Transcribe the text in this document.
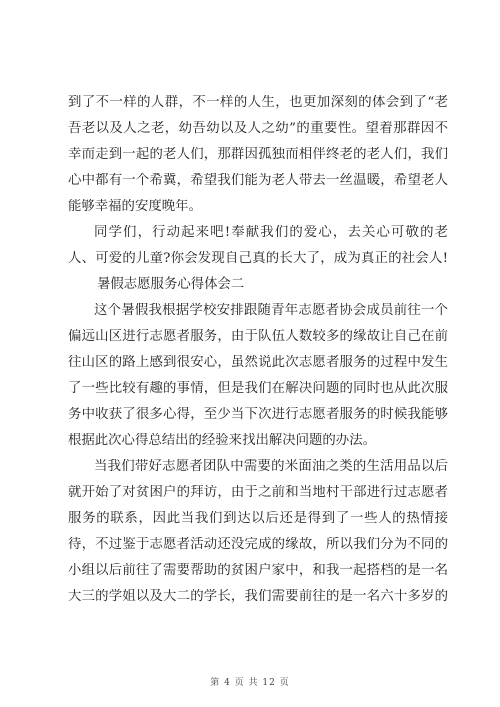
到了不一样的人群，不一样的人生，也更加深刻的体会到了“老
吾老以及人之老，幼吾幼以及人之幼”的重要性。望着那群因不
幸而走到一起的老人们，那群因孤独而相伴终老的老人们，我们
心中都有一个希冀，希望我们能为老人带去一丝温暖，希望老人
能够幸福的安度晚年。
同学们，行动起来吧!奉献我们的爱心，去关心可敬的老
人、可爱的儿童?你会发现自己真的长大了，成为真正的社会人!
暑假志愿服务心得体会二
这个暑假我根据学校安排跟随青年志愿者协会成员前往一个
偏远山区进行志愿者服务，由于队伍人数较多的缘故让自己在前
往山区的路上感到很安心，虽然说此次志愿者服务的过程中发生
了一些比较有趣的事情，但是我们在解决问题的同时也从此次服
务中收获了很多心得，至少当下次进行志愿者服务的时候我能够
根据此次心得总结出的经验来找出解决问题的办法。
当我们带好志愿者团队中需要的米面油之类的生活用品以后
就开始了对贫困户的拜访，由于之前和当地村干部进行过志愿者
服务的联系，因此当我们到达以后还是得到了一些人的热情接
待，不过鉴于志愿者活动还没完成的缘故，所以我们分为不同的
小组以后前往了需要帮助的贫困户家中，和我一起搭档的是一名
大三的学姐以及大二的学长，我们需要前往的是一名六十多岁的
第 4 页 共 12 页
